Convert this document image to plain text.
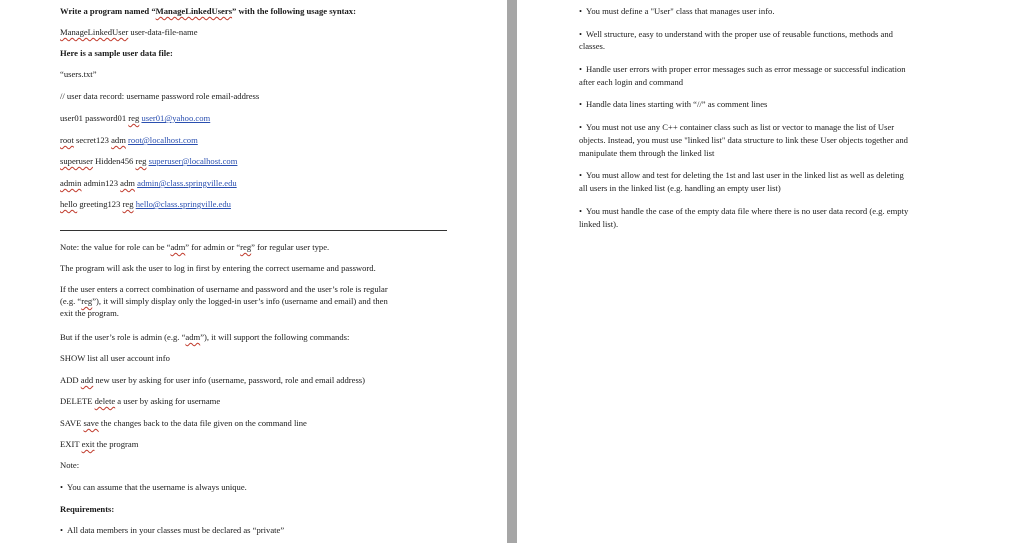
Write a program named “ManageLinkedUsers” with the following usage syntax:
ManageLinkedUser user-data-file-name
Here is a sample user data file:
“users.txt”
// user data record: username password role email-address
user01 password01 reg user01@yahoo.com
root secret123 adm root@localhost.com
superuser Hidden456 reg superuser@localhost.com
admin admin123 adm admin@class.springville.edu
hello greeting123 reg hello@class.springville.edu
Note: the value for role can be “adm” for admin or “reg” for regular user type.
The program will ask the user to log in first by entering the correct username and password.
If the user enters a correct combination of username and password and the user’s role is regular
(e.g. “reg”), it will simply display only the logged-in user’s info (username and email) and then
exit the program.
But if the user’s role is admin (e.g. “adm”), it will support the following commands:
SHOW list all user account info
ADD add new user by asking for user info (username, password, role and email address)
DELETE delete a user by asking for username
SAVE save the changes back to the data file given on the command line
EXIT exit the program
Note:
• You can assume that the username is always unique.
Requirements:
• All data members in your classes must be declared as “private”
• You must define a "User" class that manages user info.
• Well structure, easy to understand with the proper use of reusable functions, methods and
classes.
• Handle user errors with proper error messages such as error message or successful indication
after each login and command
• Handle data lines starting with “//” as comment lines
• You must not use any C++ container class such as list or vector to manage the list of User
objects. Instead, you must use "linked list" data structure to link these User objects together and
manipulate them through the linked list
• You must allow and test for deleting the 1st and last user in the linked list as well as deleting
all users in the linked list (e.g. handling an empty user list)
• You must handle the case of the empty data file where there is no user data record (e.g. empty
linked list).
